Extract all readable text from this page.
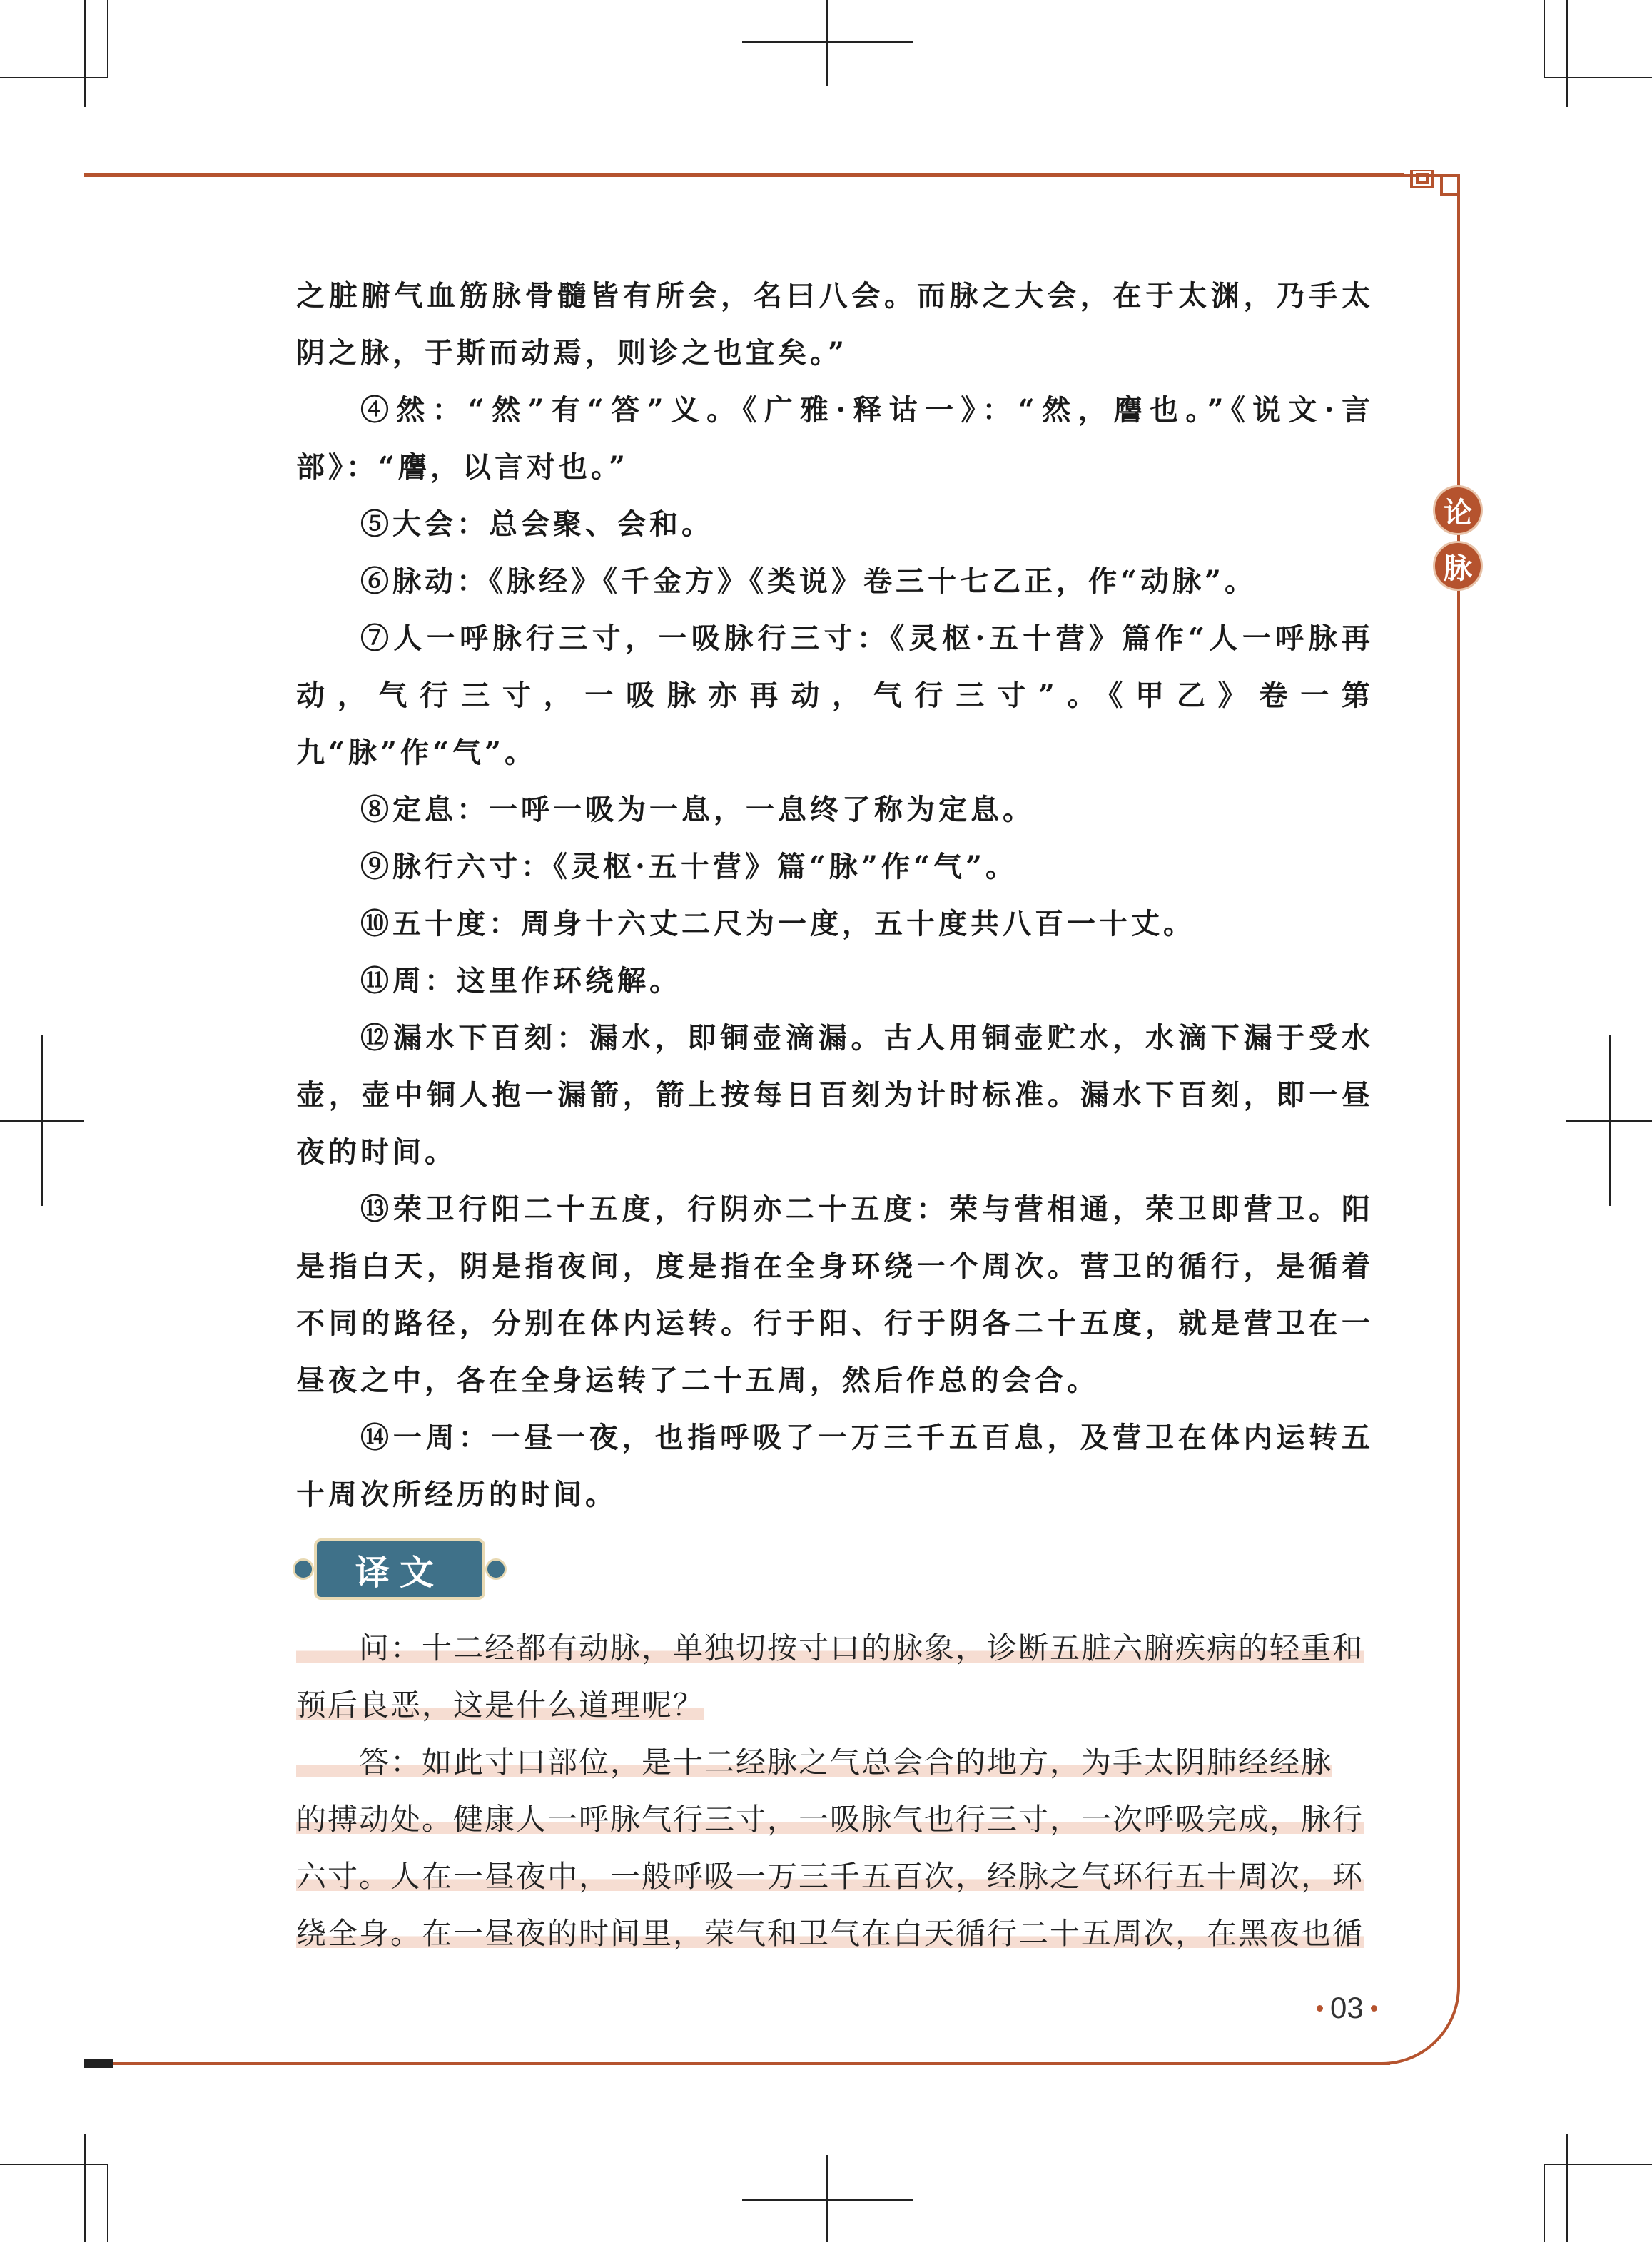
论
脉

之脏腑气血筋脉骨髓皆有所会，名曰八会。而脉之大会，在于太渊，乃手太阴之脉，于斯而动焉，则诊之也宜矣。”

④然：“然”有“答”义。《广雅·释诂一》：“然，譍也。”《说文·言部》：“譍，以言对也。”

⑤大会：总会聚、会和。

⑥脉动：《脉经》《千金方》《类说》卷三十七乙正，作“动脉”。

⑦人一呼脉行三寸，一吸脉行三寸：《灵枢·五十营》篇作“人一呼脉再动，气行三寸，一吸脉亦再动，气行三寸”。《甲乙》卷一第九“脉”作“气”。

⑧定息：一呼一吸为一息，一息终了称为定息。

⑨脉行六寸：《灵枢·五十营》篇“脉”作“气”。

⑩五十度：周身十六丈二尺为一度，五十度共八百一十丈。

⑪周：这里作环绕解。

⑫漏水下百刻：漏水，即铜壶滴漏。古人用铜壶贮水，水滴下漏于受水壶，壶中铜人抱一漏箭，箭上按每日百刻为计时标准。漏水下百刻，即一昼夜的时间。

⑬荣卫行阳二十五度，行阴亦二十五度：荣与营相通，荣卫即营卫。阳是指白天，阴是指夜间，度是指在全身环绕一个周次。营卫的循行，是循着不同的路径，分别在体内运转。行于阳、行于阴各二十五度，就是营卫在一昼夜之中，各在全身运转了二十五周，然后作总的会合。

⑭一周：一昼一夜，也指呼吸了一万三千五百息，及营卫在体内运转五十周次所经历的时间。

译文

　　问：十二经都有动脉，单独切按寸口的脉象，诊断五脏六腑疾病的轻重和

预后良恶，这是什么道理呢？

　　答：如此寸口部位，是十二经脉之气总会合的地方，为手太阴肺经经脉

的搏动处。健康人一呼脉气行三寸，一吸脉气也行三寸，一次呼吸完成，脉行

六寸。人在一昼夜中，一般呼吸一万三千五百次，经脉之气环行五十周次，环

绕全身。在一昼夜的时间里，荣气和卫气在白天循行二十五周次，在黑夜也循

03
